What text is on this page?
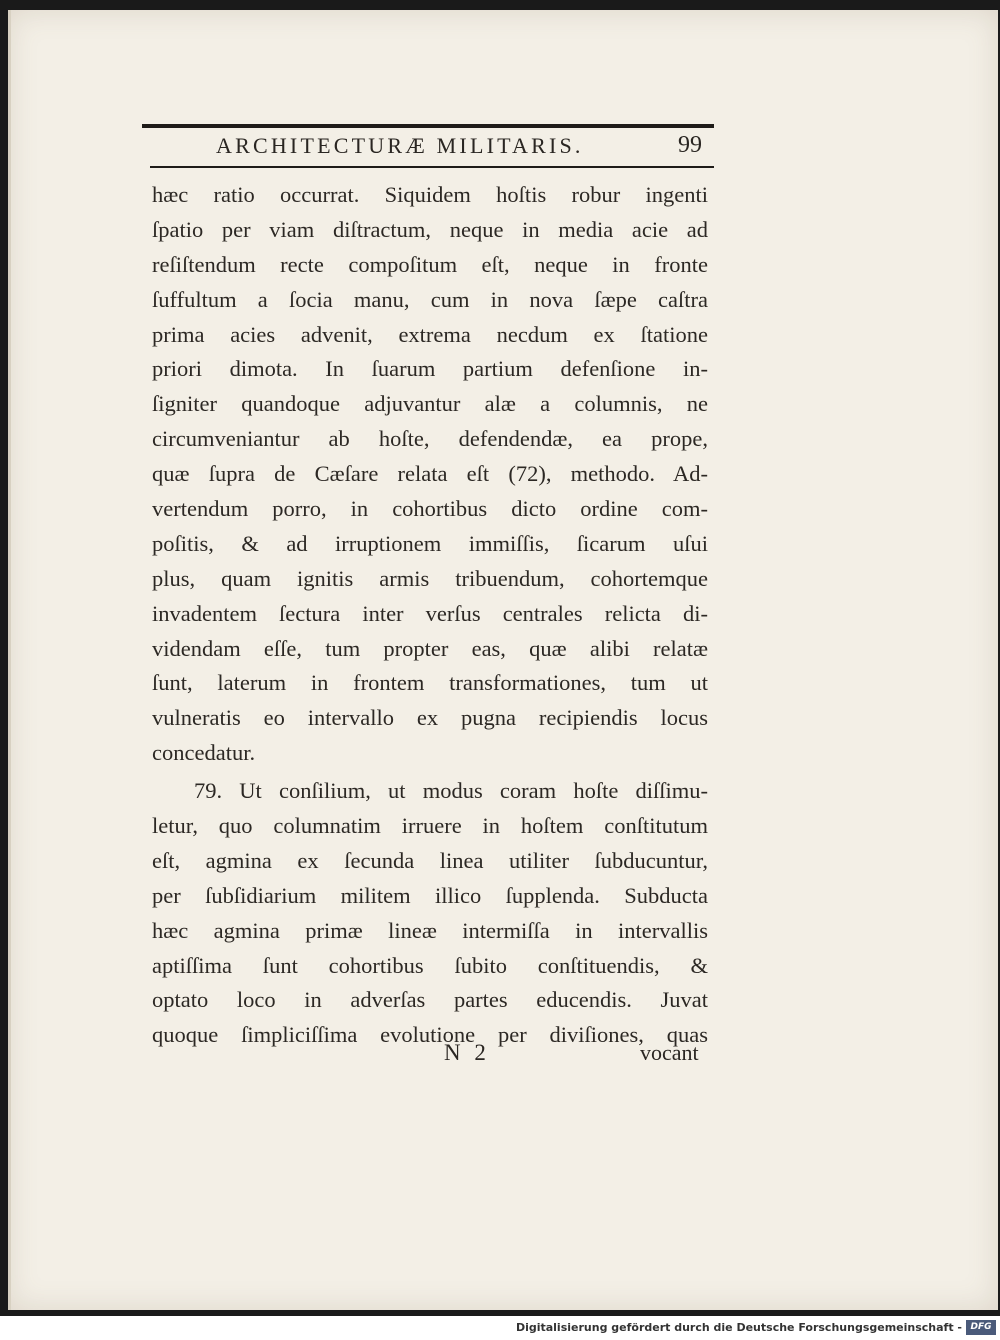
ARCHITECTURÆ MILITARIS.	99
hæc ratio occurrat. Siquidem hoſtis robur ingenti
ſpatio per viam diſtractum, neque in media acie ad
reſiſtendum recte compoſitum eſt, neque in fronte
ſuffultum a ſocia manu, cum in nova ſæpe caſtra
prima acies advenit, extrema necdum ex ſtatione
priori dimota. In ſuarum partium defenſione in-
ſigniter quandoque adjuvantur alæ a columnis, ne
circumveniantur ab hoſte, defendendæ, ea prope,
quæ ſupra de Cæſare relata eſt (72), methodo. Ad-
vertendum porro, in cohortibus dicto ordine com-
poſitis, & ad irruptionem immiſſis, ſicarum uſui
plus, quam ignitis armis tribuendum, cohortemque
invadentem ſectura inter verſus centrales relicta di-
videndam eſſe, tum propter eas, quæ alibi relatæ
ſunt, laterum in frontem transformationes, tum ut
vulneratis eo intervallo ex pugna recipiendis locus
concedatur.
79. Ut conſilium, ut modus coram hoſte diſſimu-
letur, quo columnatim irruere in hoſtem conſtitutum
eſt, agmina ex ſecunda linea utiliter ſubducuntur,
per ſubſidiarium militem illico ſupplenda. Subducta
hæc agmina primæ lineæ intermiſſa in intervallis
aptiſſima ſunt cohortibus ſubito conſtituendis, &
optato loco in adverſas partes educendis. Juvat
quoque ſimpliciſſima evolutione per diviſiones, quas
N 2	vocant
Digitalisierung gefördert durch die Deutsche Forschungsgemeinschaft - DFG
